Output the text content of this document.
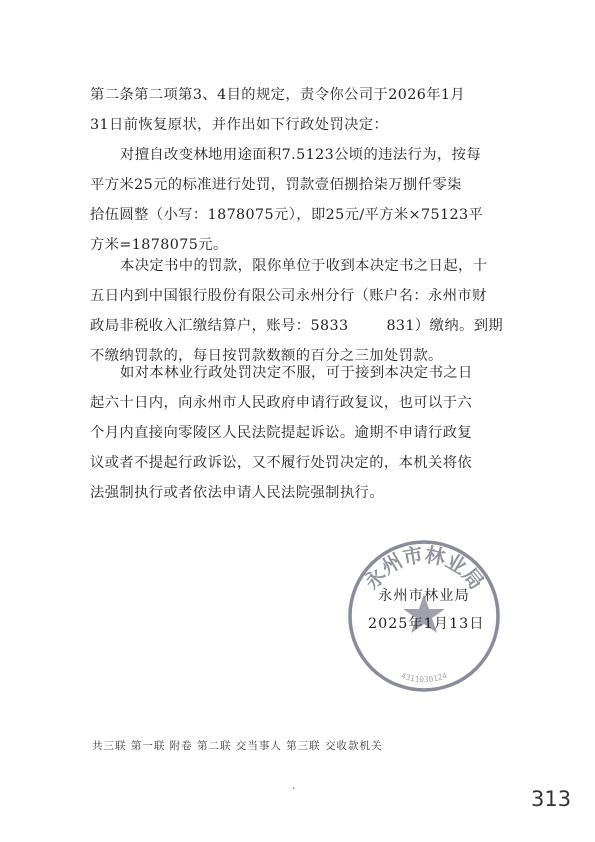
第二条第二项第3、4目的规定，责令你公司于2026年1月
31日前恢复原状，并作出如下行政处罚决定：
对擅自改变林地用途面积7.5123公顷的违法行为，按每
平方米25元的标准进行处罚，罚款壹佰捌拾柒万捌仟零柒
拾伍圆整（小写：1878075元），即25元/平方米×75123平
方米=1878075元。
本决定书中的罚款，限你单位于收到本决定书之日起，十
五日内到中国银行股份有限公司永州分行（账户名：永州市财
政局非税收入汇缴结算户，账号：5833	831）缴纳。到期
不缴纳罚款的，每日按罚款数额的百分之三加处罚款。
如对本林业行政处罚决定不服，可于接到本决定书之日
起六十日内，向永州市人民政府申请行政复议，也可以于六
个月内直接向零陵区人民法院提起诉讼。逾期不申请行政复
议或者不提起行政诉讼，又不履行处罚决定的，本机关将依
法强制执行或者依法申请人民法院强制执行。
永州市林业局
4311030124
永州市林业局
2025年1月13日
共三联 第一联 附卷 第二联 交当事人 第三联 交收款机关
·	313
